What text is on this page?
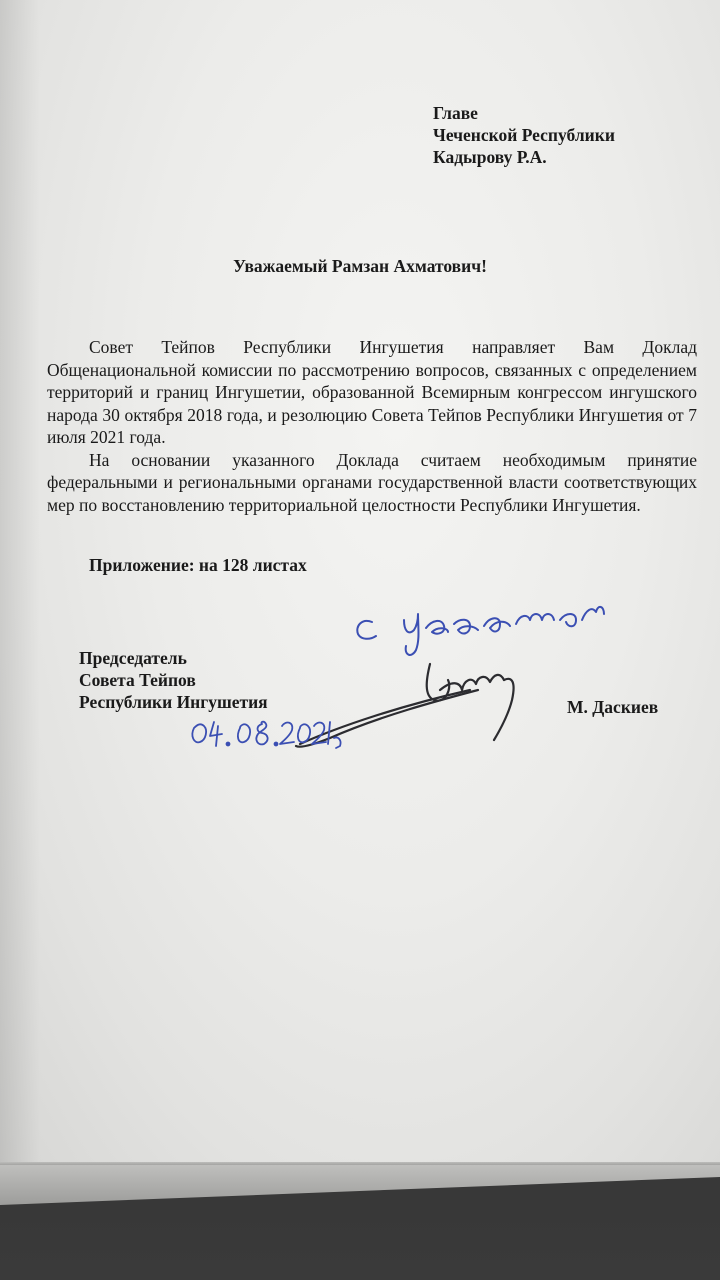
Главе
Чеченской Республики
Кадырову Р.А.
Уважаемый Рамзан Ахматович!

Совет Тейпов Республики Ингушетия направляет Вам Доклад Общенациональной комиссии по рассмотрению вопросов, связанных с определением территорий и границ Ингушетии, образованной Всемирным конгрессом ингушского народа 30 октября 2018 года, и резолюцию Совета Тейпов Республики Ингушетия от 7 июля 2021 года.

На основании указанного Доклада считаем необходимым принятие федеральными и региональными органами государственной власти соответствующих мер по восстановлению территориальной целостности Республики Ингушетия.

Приложение: на 128 листах
Председатель
Совета Тейпов
Республики Ингушетия	М. Даскиев
